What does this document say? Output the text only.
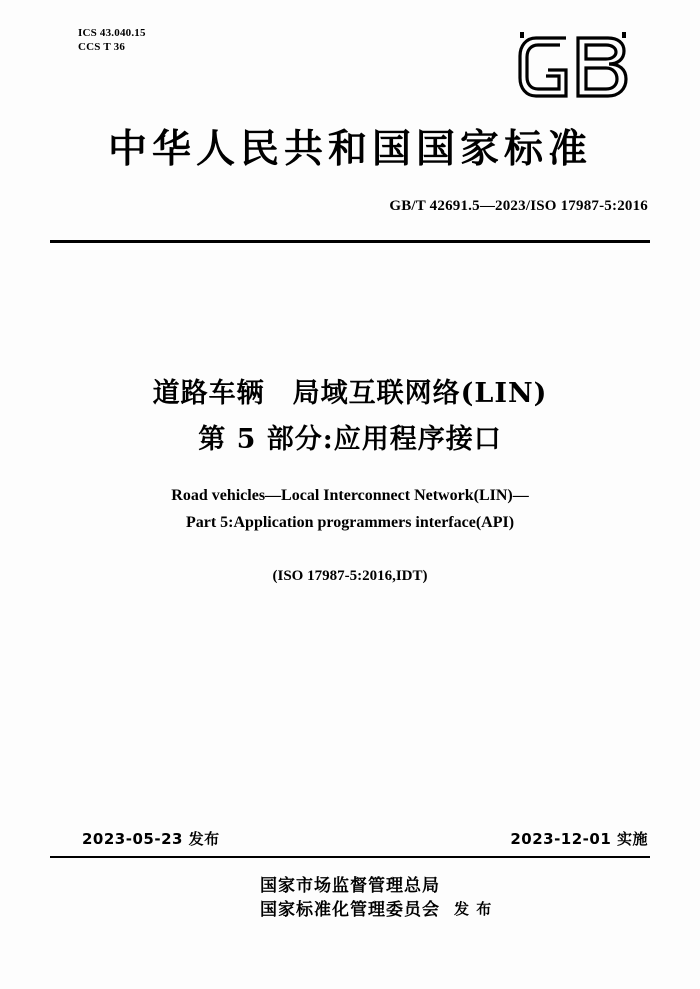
ICS 43.040.15
CCS T 36
中华人民共和国国家标准
GB/T 42691.5—2023/ISO 17987-5:2016
道路车辆　局域互联网络(LIN)
第 5 部分:应用程序接口
Road vehicles—Local Interconnect Network(LIN)—
Part 5:Application programmers interface(API)
(ISO 17987-5:2016,IDT)
2023-05-23 发布	2023-12-01 实施
国家市场监督管理总局
国家标准化管理委员会 发 布
